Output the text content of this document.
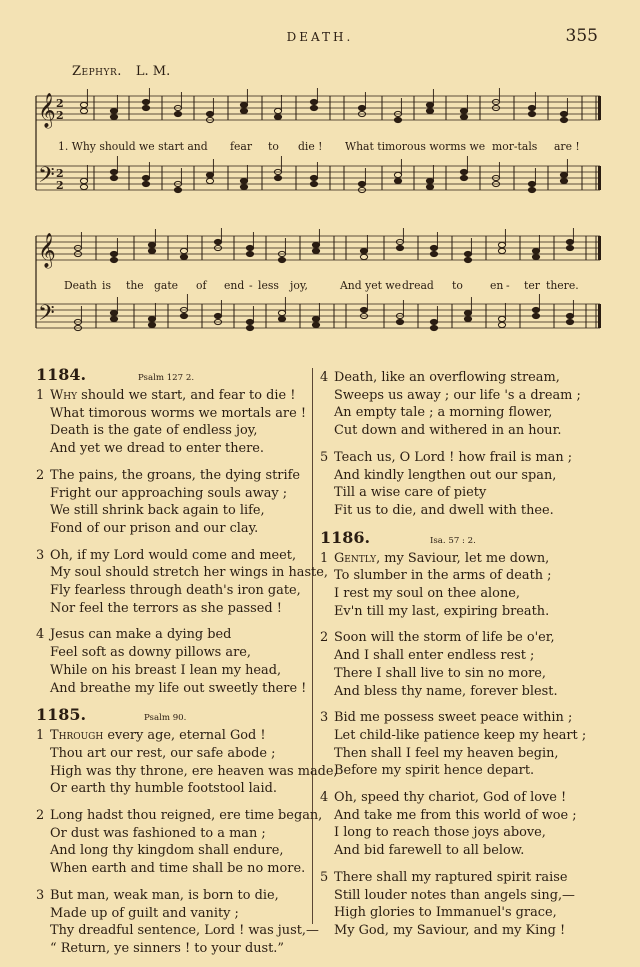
DEATH.	355
Zephyr. L. M.
𝄞
𝄢
2
2
2
2
1. Why should we start and fear to die ! What timorous worms we mor-tals are !
𝄞
𝄢
Death is the gate of end - less joy,	And yet we dread to	en - ter there.
1184.	Psalm 127 2.
1 Why should we start, and fear to die !
What timorous worms we mortals are !
Death is the gate of endless joy,
And yet we dread to enter there.
2 The pains, the groans, the dying strife
Fright our approaching souls away ;
We still shrink back again to life,
Fond of our prison and our clay.
3 Oh, if my Lord would come and meet,
My soul should stretch her wings in haste,
Fly fearless through death's iron gate,
Nor feel the terrors as she passed !
4 Jesus can make a dying bed
Feel soft as downy pillows are,
While on his breast I lean my head,
And breathe my life out sweetly there !
1185.	Psalm 90.
1 Through every age, eternal God !
Thou art our rest, our safe abode ;
High was thy throne, ere heaven was made,
Or earth thy humble footstool laid.
2 Long hadst thou reigned, ere time began,
Or dust was fashioned to a man ;
And long thy kingdom shall endure,
When earth and time shall be no more.
3 But man, weak man, is born to die,
Made up of guilt and vanity ;
Thy dreadful sentence, Lord ! was just,—
“ Return, ye sinners ! to your dust.”
4 Death, like an overflowing stream,
Sweeps us away ; our life 's a dream ;
An empty tale ; a morning flower,
Cut down and withered in an hour.
5 Teach us, O Lord ! how frail is man ;
And kindly lengthen out our span,
Till a wise care of piety
Fit us to die, and dwell with thee.
1186.	Isa. 57 : 2.
1 Gently, my Saviour, let me down,
To slumber in the arms of death ;
I rest my soul on thee alone,
Ev'n till my last, expiring breath.
2 Soon will the storm of life be o'er,
And I shall enter endless rest ;
There I shall live to sin no more,
And bless thy name, forever blest.
3 Bid me possess sweet peace within ;
Let child-like patience keep my heart ;
Then shall I feel my heaven begin,
Before my spirit hence depart.
4 Oh, speed thy chariot, God of love !
And take me from this world of woe ;
I long to reach those joys above,
And bid farewell to all below.
5 There shall my raptured spirit raise
Still louder notes than angels sing,—
High glories to Immanuel's grace,
My God, my Saviour, and my King !
